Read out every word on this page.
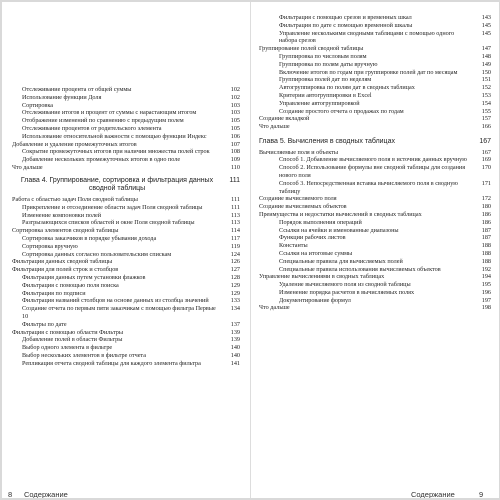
Отслеживание процента от общей суммы	102
Использование функции Доля	102
Сортировка	103
Отслеживание итогов и процент от суммы с нарастающим итогом	103
Отображение изменений по сравнению с предыдущим полем	105
Отслеживание процентов от родительского элемента	105
Использование относительной важности с помощью функции Индекс	106
Добавление и удаление промежуточных итогов	107
Сокрытие промежуточных итогов при наличии множества полей строк	108
Добавление нескольких промежуточных итогов в одно поле	109
Что дальше	110
Глава 4. Группирование, сортировка и фильтрация данных сводной таблицы
111
Работа с областью задач Поля сводной таблицы	111
Прикрепление и отсоединение области задач Поля сводной таблицы	111
Изменение компоновки полей	113
Разгрызающихся списков областей и окне Поля сводной таблицы	113
Сортировка элементов сводной таблицы	114
Сортировка заказчиков в порядке убывания дохода	117
Сортировка вручную	119
Сортировка данных согласно пользовательским спискам	124
Фильтрация данных сводной таблицы	126
Фильтрация для полей строк и столбцов	127
Фильтрация данных путем установки флажков	128
Фильтрация с помощью поля поиска	129
Фильтрация по подписи	129
Фильтрация названий столбцов на основе данных из столбца значений	133
Создание отчета по первым пяти заказчикам с помощью фильтра Первые 10
134
Фильтры по дате	137
Фильтрация с помощью области Фильтры	139
Добавление полей в области Фильтры	139
Выбор одного элемента в фильтре	140
Выбор нескольких элементов в фильтре отчета	140
Репликация отчета сводной таблицы для каждого элемента фильтра	141
8 Содержание
Фильтрация с помощью срезов и временных шкал	143
Фильтрация по дате с помощью временной шкалы	145
Управление несколькими сводными таблицами с помощью одного набора срезов
145
Группирование полей сводной таблицы	147
Группировка по числовым полям	148
Группировка по полям даты вручную	149
Включение итогов по годам при группировке полей дат по месяцам	150
Группировка полей дат по неделям	151
Автогруппировка по полям дат в сводных таблицах	152
Критерии автогруппировки в Excel	153
Управление автогруппировкой	154
Создание простого отчета о продажах по годам	155
Создание вкладкой	157
Что дальше	166
Глава 5. Вычисления в сводных таблицах	167
Вычисляемые поля и объекты	167
Способ 1. Добавление вычисляемого поля в источник данных вручную	169
Способ 2. Использование формулы вне сводной таблицы для создания нового поля
170
Способ 3. Непосредственная вставка вычисляемого поля в сводную таблицу
171
Создание вычисляемого поля	172
Создание вычисляемых объектов	180
Преимущества и недостатки вычислений в сводных таблицах	186
Порядок выполнения операций	186
Ссылки на ячейки и именованные диапазоны	187
Функции рабочих листов	187
Константы	188
Ссылки на итоговые суммы	188
Специальные правила для вычисляемых полей	188
Специальные правила использования вычисляемых объектов	192
Управление вычислениями в сводных таблицах	194
Удаление вычисляемого поля из сводной таблицы	195
Изменение порядка расчетов в вычисляемых полях	196
Документирование формул	197
Что дальше	198
Содержание	9
